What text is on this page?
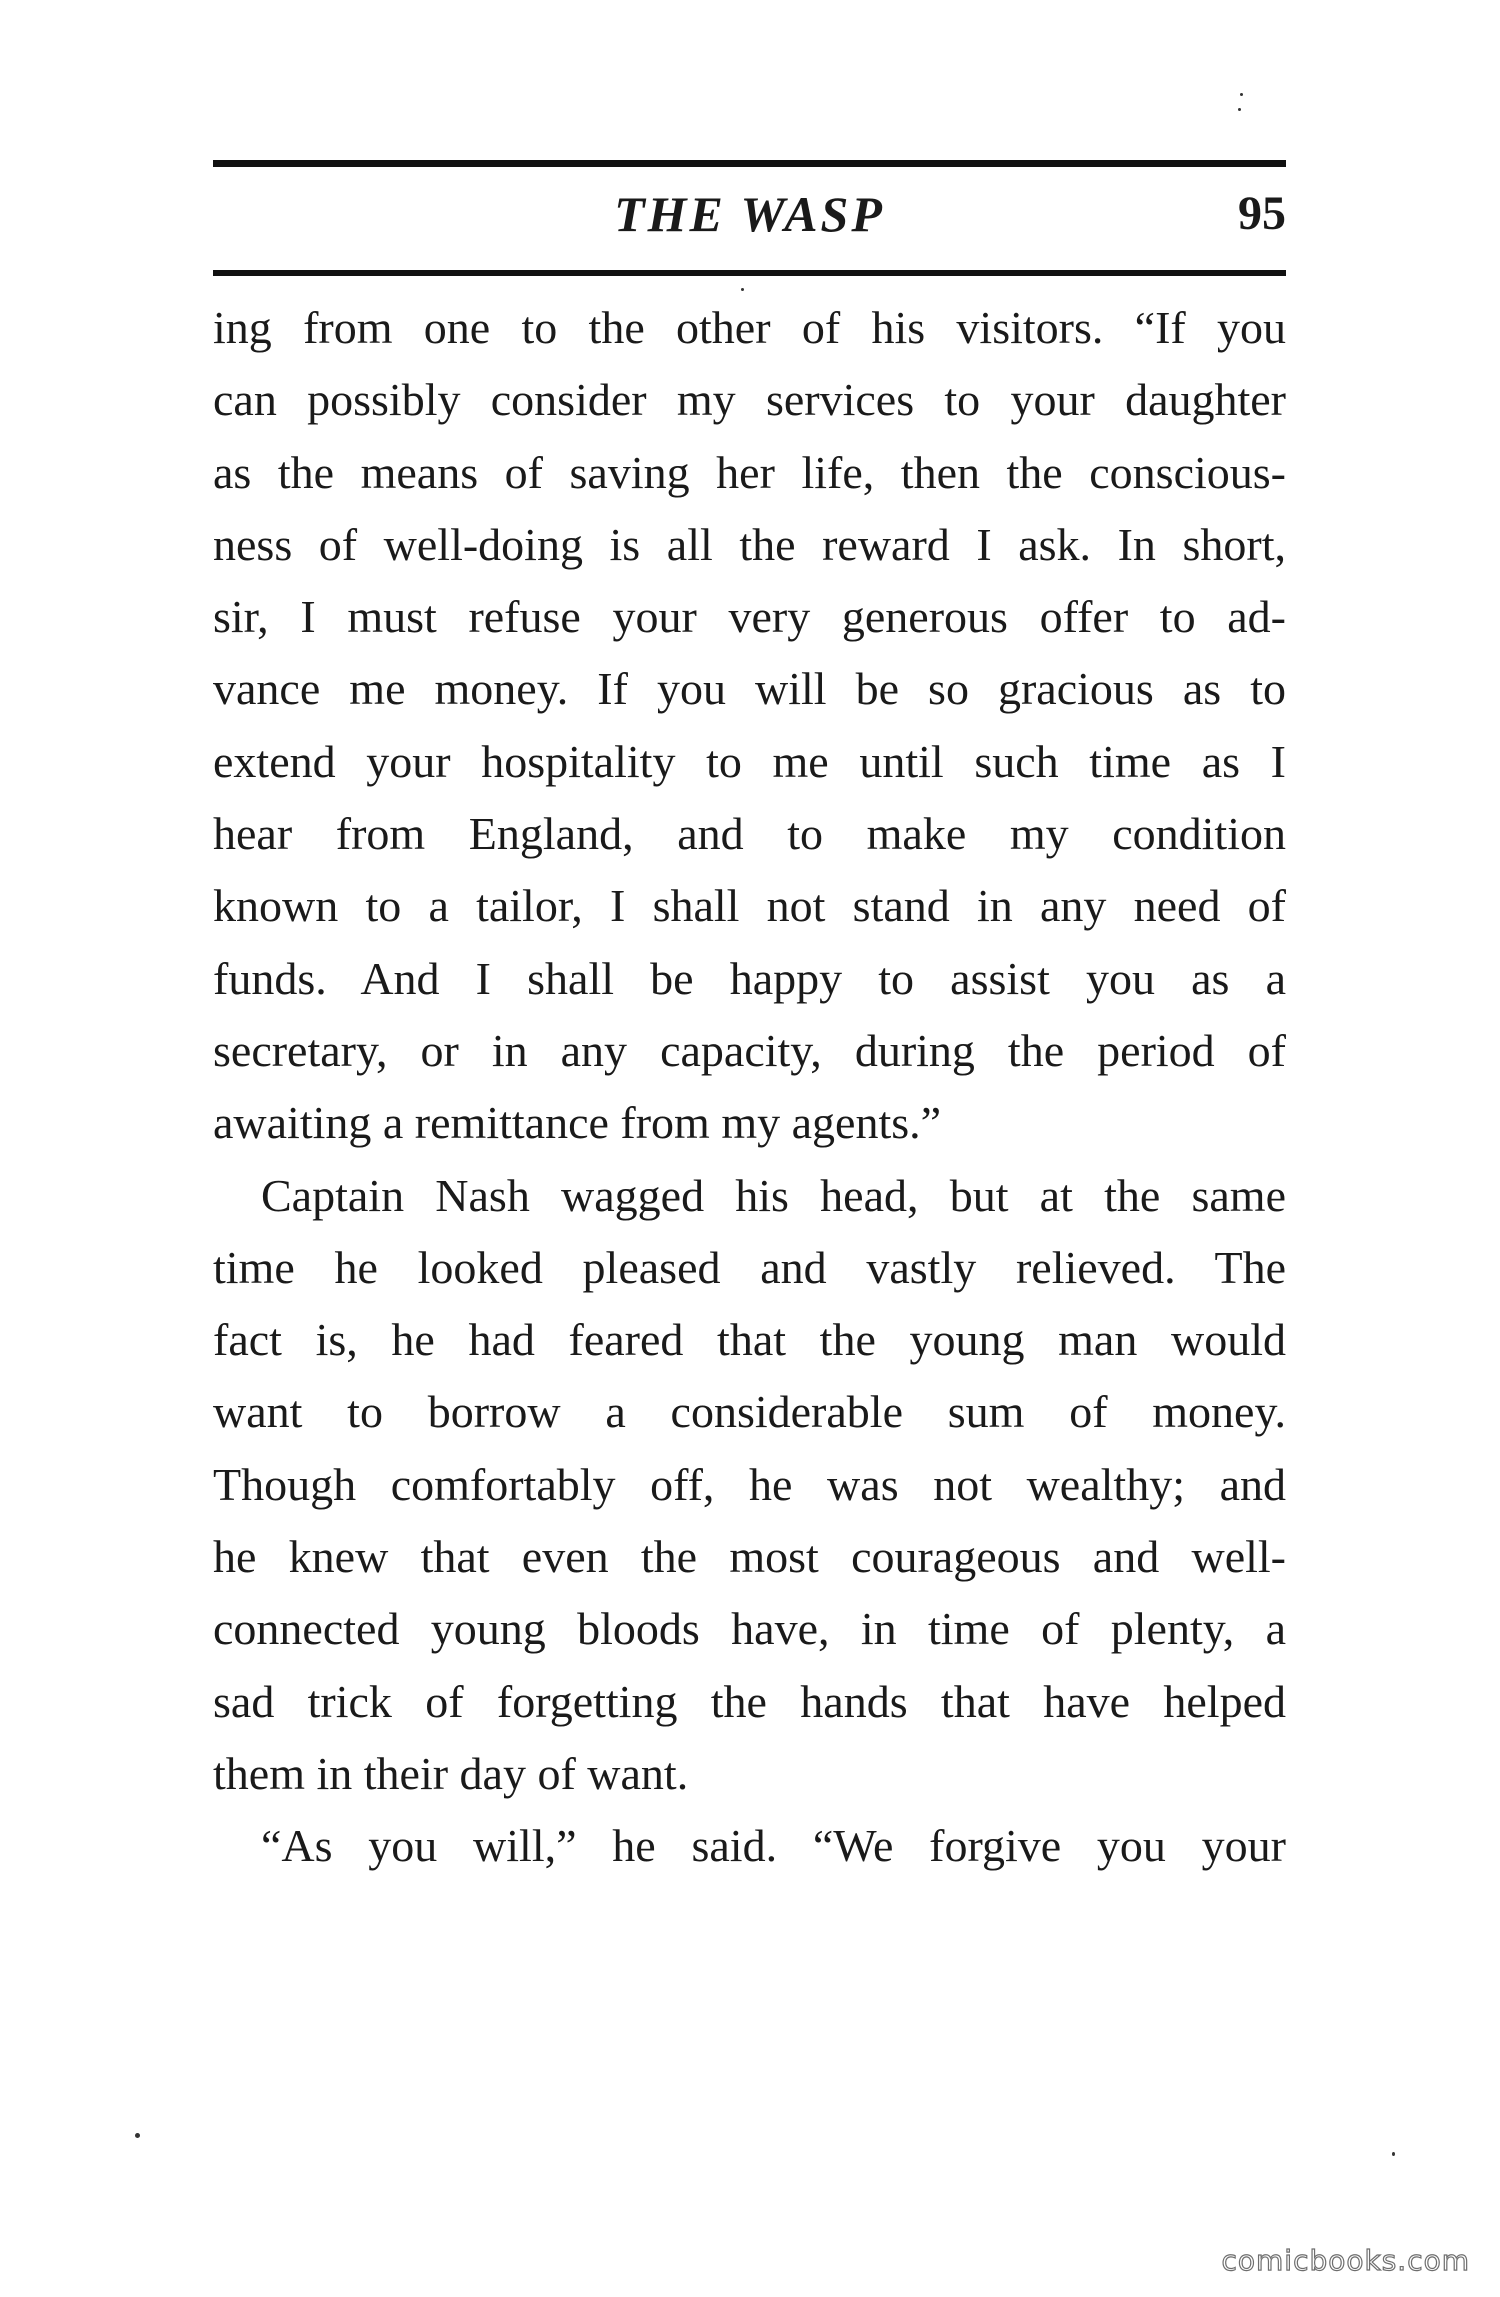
THE WASP	95

ing from one to the other of his visitors. “If you

can possibly consider my services to your daughter

as the means of saving her life, then the conscious-

ness of well-doing is all the reward I ask. In short,

sir, I must refuse your very generous offer to ad-

vance me money. If you will be so gracious as to

extend your hospitality to me until such time as I

hear from England, and to make my condition

known to a tailor, I shall not stand in any need of

funds. And I shall be happy to assist you as a

secretary, or in any capacity, during the period of

awaiting a remittance from my agents.”

Captain Nash wagged his head, but at the same

time he looked pleased and vastly relieved. The

fact is, he had feared that the young man would

want to borrow a considerable sum of money.

Though comfortably off, he was not wealthy; and

he knew that even the most courageous and well-

connected young bloods have, in time of plenty, a

sad trick of forgetting the hands that have helped

them in their day of want.

“As you will,” he said. “We forgive you your

comicbooks.com
